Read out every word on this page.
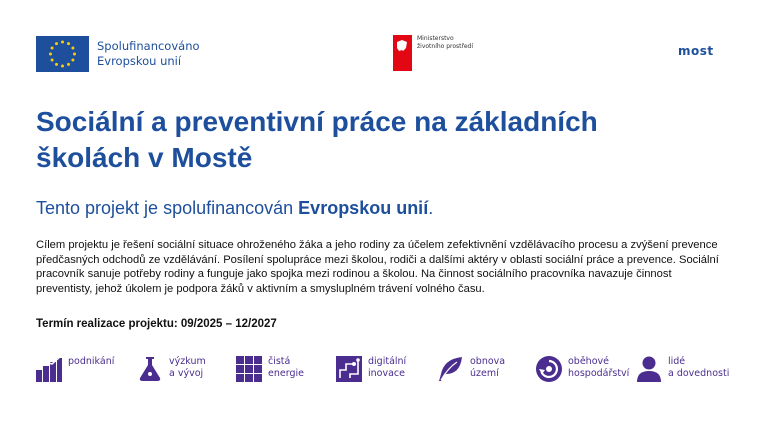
Spolufinancováno
Evropskou unií
Ministerstvo
životního prostředí	most
Sociální a preventivní práce na základních
školách v Mostě
Tento projekt je spolufinancován Evropskou unií.

Cílem projektu je řešení sociální situace ohroženého žáka a jeho rodiny za účelem zefektivnění vzdělávacího procesu a zvýšení prevence předčasných odchodů ze vzdělávání. Posílení spolupráce mezi školou, rodiči a dalšími aktéry v oblasti sociální práce a prevence. Sociální pracovník sanuje potřeby rodiny a funguje jako spojka mezi rodinou a školou. Na činnost sociálního pracovníka navazuje činnost preventisty, jehož úkolem je podpora žáků v aktivním a smysluplném trávení volného času.

Termín realizace projektu: 09/2025 – 12/2027
podnikání	výzkum
a vývoj
čistá
energie
digitální
inovace
obnova
území
oběhové
hospodářství
lidé
a dovednosti
